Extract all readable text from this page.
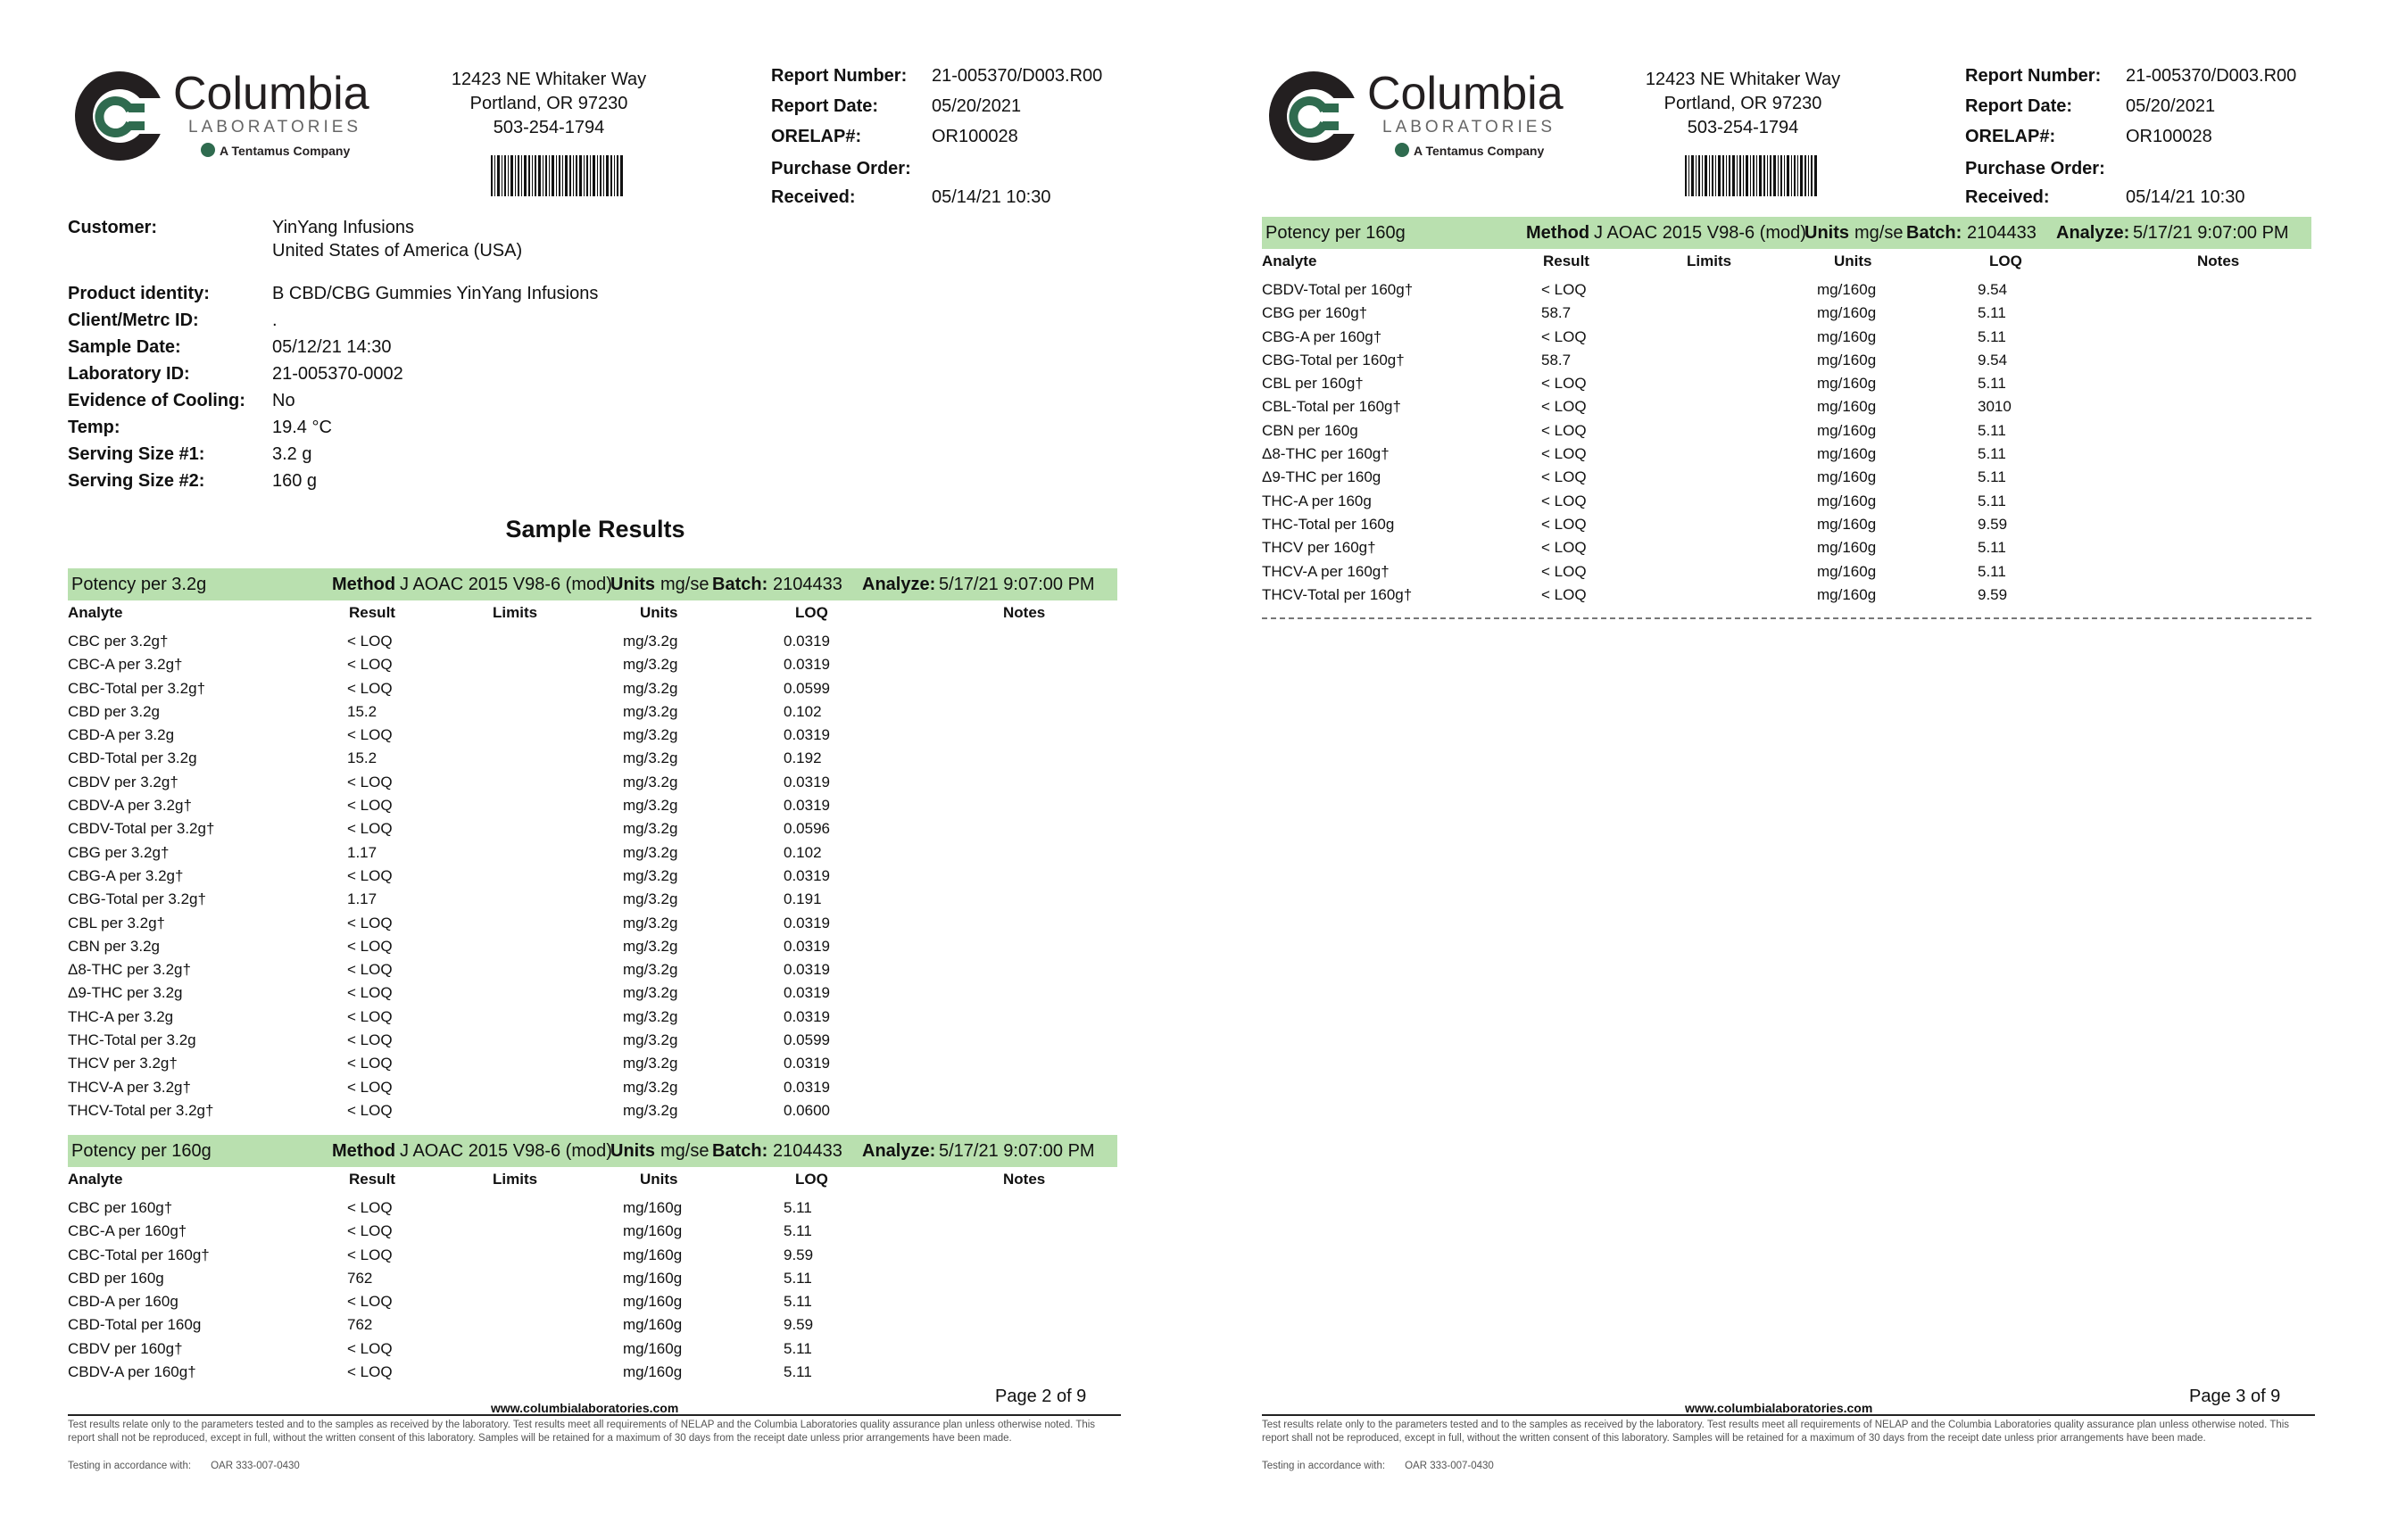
Columbia
LABORATORIES
A Tentamus Company
12423 NE Whitaker Way
Portland, OR 97230
503-254-1794
Report Number: 21-005370/D003.R00
Report Date:	05/20/2021
ORELAP#:	OR100028
Purchase Order:
Received:	05/14/21 10:30
Customer:	YinYang Infusions
United States of America (USA)
Product identity:	B CBD/CBG Gummies YinYang Infusions
Client/Metrc ID:	.
Sample Date:	05/12/21 14:30
Laboratory ID:	21-005370-0002
Evidence of Cooling: No
Temp:	19.4 °C
Serving Size #1:	3.2 g
Serving Size #2:	160 g
Sample Results
Potency per 3.2g	Method J AOAC 2015 V98-6 (mod)
Units mg/se Batch: 2104433 Analyze: 5/17/21 9:07:00 PM
Analyte	Result	Limits	Units	LOQ	Notes
CBC per 3.2g†	< LOQ	mg/3.2g	0.0319
CBC-A per 3.2g†	< LOQ	mg/3.2g	0.0319
CBC-Total per 3.2g†	< LOQ	mg/3.2g	0.0599
CBD per 3.2g	15.2	mg/3.2g	0.102
CBD-A per 3.2g	< LOQ	mg/3.2g	0.0319
CBD-Total per 3.2g	15.2	mg/3.2g	0.192
CBDV per 3.2g†	< LOQ	mg/3.2g	0.0319
CBDV-A per 3.2g†	< LOQ	mg/3.2g	0.0319
CBDV-Total per 3.2g†	< LOQ	mg/3.2g	0.0596
CBG per 3.2g†	1.17	mg/3.2g	0.102
CBG-A per 3.2g†	< LOQ	mg/3.2g	0.0319
CBG-Total per 3.2g†	1.17	mg/3.2g	0.191
CBL per 3.2g†	< LOQ	mg/3.2g	0.0319
CBN per 3.2g	< LOQ	mg/3.2g	0.0319
Δ8-THC per 3.2g†	< LOQ	mg/3.2g	0.0319
Δ9-THC per 3.2g	< LOQ	mg/3.2g	0.0319
THC-A per 3.2g	< LOQ	mg/3.2g	0.0319
THC-Total per 3.2g	< LOQ	mg/3.2g	0.0599
THCV per 3.2g†	< LOQ	mg/3.2g	0.0319
THCV-A per 3.2g†	< LOQ	mg/3.2g	0.0319
THCV-Total per 3.2g†	< LOQ	mg/3.2g	0.0600
Potency per 160g	Method J AOAC 2015 V98-6 (mod)
Units mg/se Batch: 2104433 Analyze: 5/17/21 9:07:00 PM
Analyte	Result	Limits	Units	LOQ	Notes
CBC per 160g†	< LOQ	mg/160g	5.11
CBC-A per 160g†	< LOQ	mg/160g	5.11
CBC-Total per 160g†	< LOQ	mg/160g	9.59
CBD per 160g	762	mg/160g	5.11
CBD-A per 160g	< LOQ	mg/160g	5.11
CBD-Total per 160g	762	mg/160g	9.59
CBDV per 160g†	< LOQ	mg/160g	5.11
CBDV-A per 160g†	< LOQ	mg/160g	5.11
www.columbialaboratories.com
Page 2 of 9
Test results relate only to the parameters tested and to the samples as received by the laboratory. Test results meet all requirements of NELAP and the Columbia Laboratories quality assurance plan unless otherwise noted. This report shall not be reproduced, except in full, without the written consent of this laboratory. Samples will be retained for a maximum of 30 days from the receipt date unless prior arrangements have been made.
Testing in accordance with: OAR 333-007-0430
Columbia
LABORATORIES
A Tentamus Company
12423 NE Whitaker Way
Portland, OR 97230
503-254-1794
Report Number: 21-005370/D003.R00
Report Date:	05/20/2021
ORELAP#:	OR100028
Purchase Order:
Received:	05/14/21 10:30
Potency per 160g	Method J AOAC 2015 V98-6 (mod)
Units mg/se Batch: 2104433 Analyze: 5/17/21 9:07:00 PM
Analyte	Result	Limits	Units	LOQ	Notes
CBDV-Total per 160g†	< LOQ	mg/160g	9.54
CBG per 160g†	58.7	mg/160g	5.11
CBG-A per 160g†	< LOQ	mg/160g	5.11
CBG-Total per 160g†	58.7	mg/160g	9.54
CBL per 160g†	< LOQ	mg/160g	5.11
CBL-Total per 160g†	< LOQ	mg/160g	3010
CBN per 160g	< LOQ	mg/160g	5.11
Δ8-THC per 160g†	< LOQ	mg/160g	5.11
Δ9-THC per 160g	< LOQ	mg/160g	5.11
THC-A per 160g	< LOQ	mg/160g	5.11
THC-Total per 160g	< LOQ	mg/160g	9.59
THCV per 160g†	< LOQ	mg/160g	5.11
THCV-A per 160g†	< LOQ	mg/160g	5.11
THCV-Total per 160g†	< LOQ	mg/160g	9.59
www.columbialaboratories.com
Page 3 of 9
Test results relate only to the parameters tested and to the samples as received by the laboratory. Test results meet all requirements of NELAP and the Columbia Laboratories quality assurance plan unless otherwise noted. This report shall not be reproduced, except in full, without the written consent of this laboratory. Samples will be retained for a maximum of 30 days from the receipt date unless prior arrangements have been made.
Testing in accordance with: OAR 333-007-0430
